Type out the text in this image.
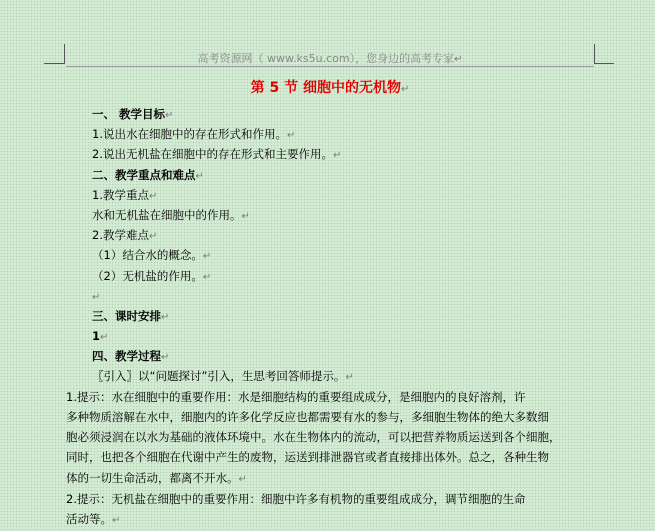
高考资源网（ www.ks5u.com），您身边的高考专家↵
第 5 节 细胞中的无机物↵
一、 教学目标↵
1.说出水在细胞中的存在形式和作用。↵
2.说出无机盐在细胞中的存在形式和主要作用。↵
二、教学重点和难点↵
1.教学重点↵
水和无机盐在细胞中的作用。↵
2.教学难点↵
（1）结合水的概念。↵
（2）无机盐的作用。↵
↵
三、课时安排↵
1↵
四、教学过程↵
〖引入〗以“问题探讨”引入，生思考回答师提示。↵
1.提示：水在细胞中的重要作用：水是细胞结构的重要组成成分，是细胞内的良好溶剂，许
多种物质溶解在水中，细胞内的许多化学反应也都需要有水的参与，多细胞生物体的绝大多数细
胞必须浸润在以水为基础的液体环境中。水在生物体内的流动，可以把营养物质运送到各个细胞，
同时，也把各个细胞在代谢中产生的废物，运送到排泄器官或者直接排出体外。总之，各种生物
体的一切生命活动，都离不开水。↵
2.提示：无机盐在细胞中的重要作用：细胞中许多有机物的重要组成成分，调节细胞的生命
活动等。↵
